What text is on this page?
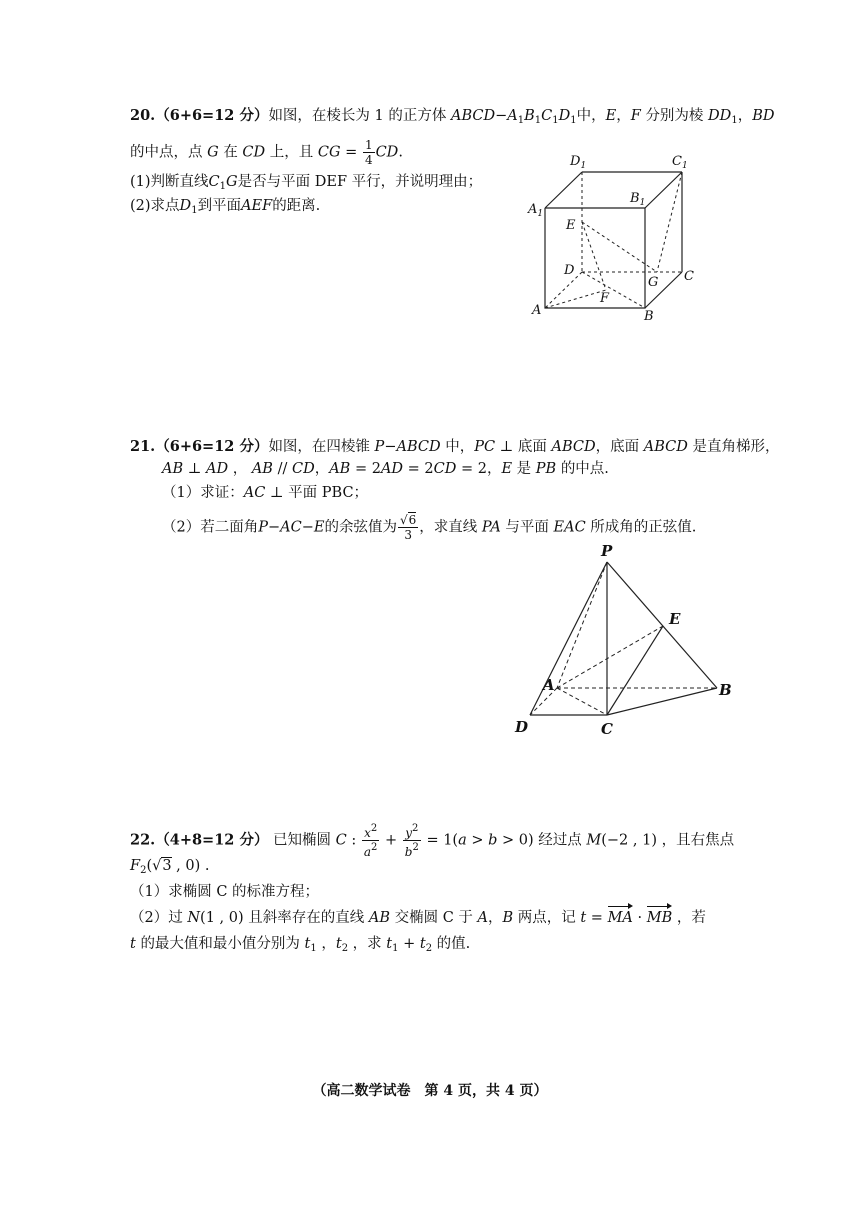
20.（6+6=12 分）如图，在棱长为 1 的正方体 $ABCD-A_1B_1C_1D_1$中，E，F 分别为棱 $DD_1$，BD
的中点，点 G 在 CD 上，且 CG = $\frac{1}{4}$ CD.
(1)判断直线$C_1G$是否与平面 DEF 平行，并说明理由；
(2)求点$D_1$到平面AEF的距离.
$D_1$	$C_1$
$A_1$
$B_1$
E
D
G C
F
A	B
21.（6+6=12 分）如图，在四棱锥 P−ABCD 中，PC ⊥ 底面 ABCD，底面 ABCD 是直角梯形，
AB ⊥ AD ， AB // CD，AB = 2AD = 2CD = 2，E 是 PB 的中点.
（1）求证：AC ⊥ 平面 PBC；
（2）若二面角P−AC−E的余弦值为 $\frac{√6}{3}$ ，求直线 PA 与平面 EAC 所成角的正弦值.
P
E
A	B
D	C
22.（4+8=12 分） 已知椭圆 C : $\frac{x^2}{a^2} + \frac{y^2}{b^2} = 1(a > b > 0)$ 经过点 M(−2 , 1) ，且右焦点
$F_2(√3$ , 0) .
（1）求椭圆 C 的标准方程；
（2）过 N(1 , 0) 且斜率存在的直线 AB 交椭圆 C 于 A，B 两点，记 t = MA · MB ，若
t 的最大值和最小值分别为 $t_1$ ，$t_2$ ，求 $t_1 + t_2$ 的值.
（高二数学试卷　第 4 页，共 4 页）
